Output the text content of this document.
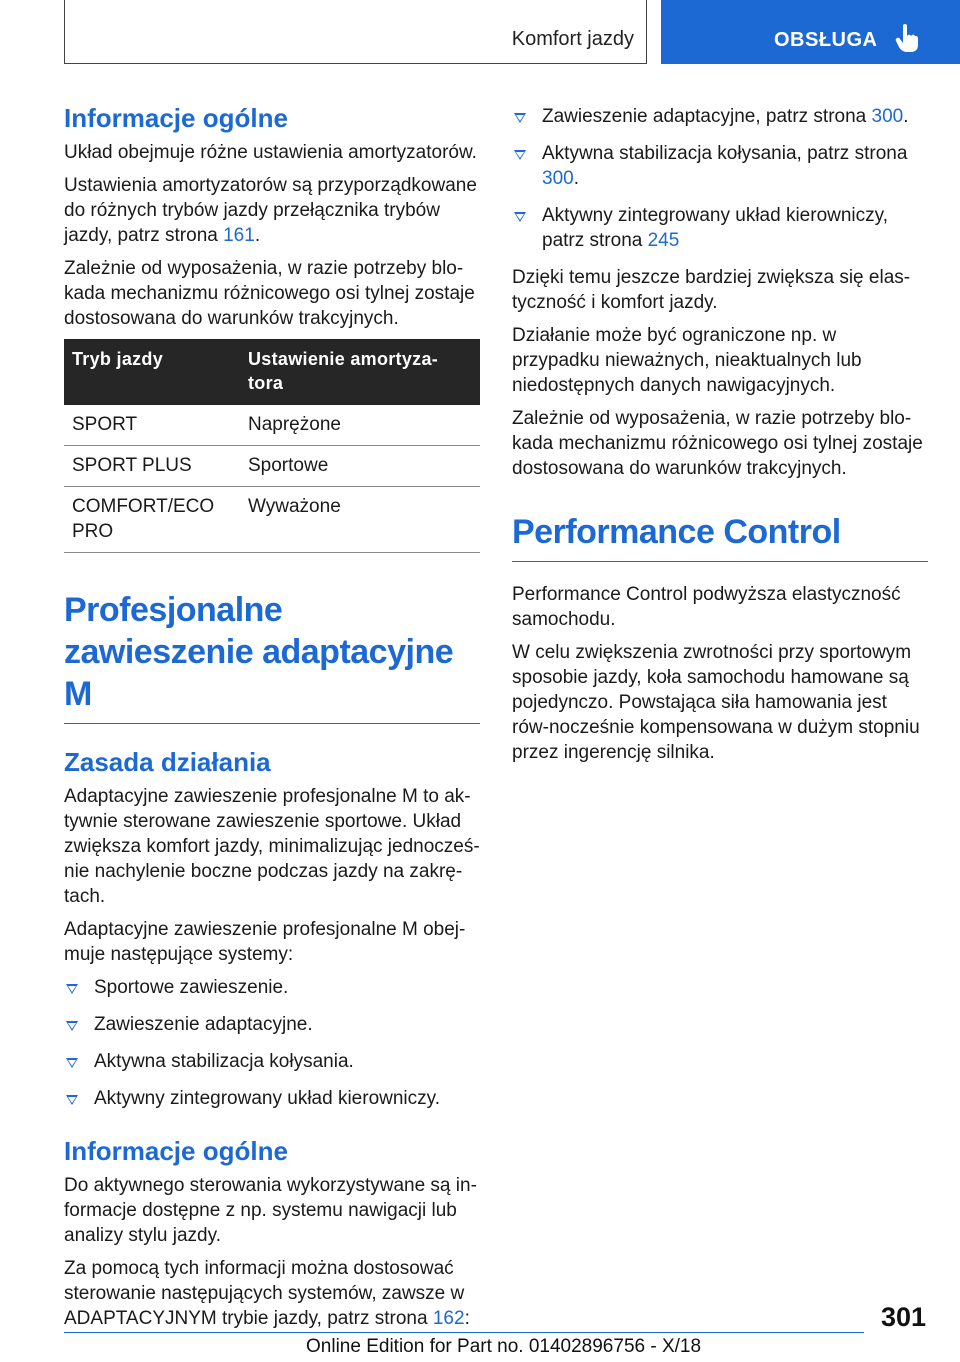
Komfort jazdy	OBSŁUGA
Informacje ogólne

Układ obejmuje różne ustawienia amortyzatorów.

Ustawienia amortyzatorów są przyporządkowane do różnych trybów jazdy przełącznika trybów jazdy, patrz strona 161.

Zależnie od wyposażenia, w razie potrzeby blo-kada mechanizmu różnicowego osi tylnej zostaje dostosowana do warunków trakcyjnych.

Tryb jazdy	Ustawienie amortyza-tora
SPORT	Naprężone
SPORT PLUS	Sportowe
COMFORT/ECO PRO	Wyważone
Profesjonalne zawieszenie adaptacyjne M
Zasada działania

Adaptacyjne zawieszenie profesjonalne M to ak-tywnie sterowane zawieszenie sportowe. Układ zwiększa komfort jazdy, minimalizując jednocześ-nie nachylenie boczne podczas jazdy na zakrę-tach.

Adaptacyjne zawieszenie profesjonalne M obej-muje następujące systemy:

Sportowe zawieszenie.
Zawieszenie adaptacyjne.
Aktywna stabilizacja kołysania.
Aktywny zintegrowany układ kierowniczy.
Informacje ogólne

Do aktywnego sterowania wykorzystywane są in-formacje dostępne z np. systemu nawigacji lub analizy stylu jazdy.

Za pomocą tych informacji można dostosować sterowanie następujących systemów, zawsze w ADAPTACYJNYM trybie jazdy, patrz strona 162:

Zawieszenie adaptacyjne, patrz strona 300.
Aktywna stabilizacja kołysania, patrz strona 300.
Aktywny zintegrowany układ kierowniczy, patrz strona 245

Dzięki temu jeszcze bardziej zwiększa się elas-tyczność i komfort jazdy.

Działanie może być ograniczone np. w przypadku nieważnych, nieaktualnych lub niedostępnych danych nawigacyjnych.

Zależnie od wyposażenia, w razie potrzeby blo-kada mechanizmu różnicowego osi tylnej zostaje dostosowana do warunków trakcyjnych.

Performance Control

Performance Control podwyższa elastyczność samochodu.

W celu zwiększenia zwrotności przy sportowym sposobie jazdy, koła samochodu hamowane są pojedynczo. Powstająca siła hamowania jest rów-nocześnie kompensowana w dużym stopniu przez ingerencję silnika.

301
Online Edition for Part no. 01402896756 - X/18
